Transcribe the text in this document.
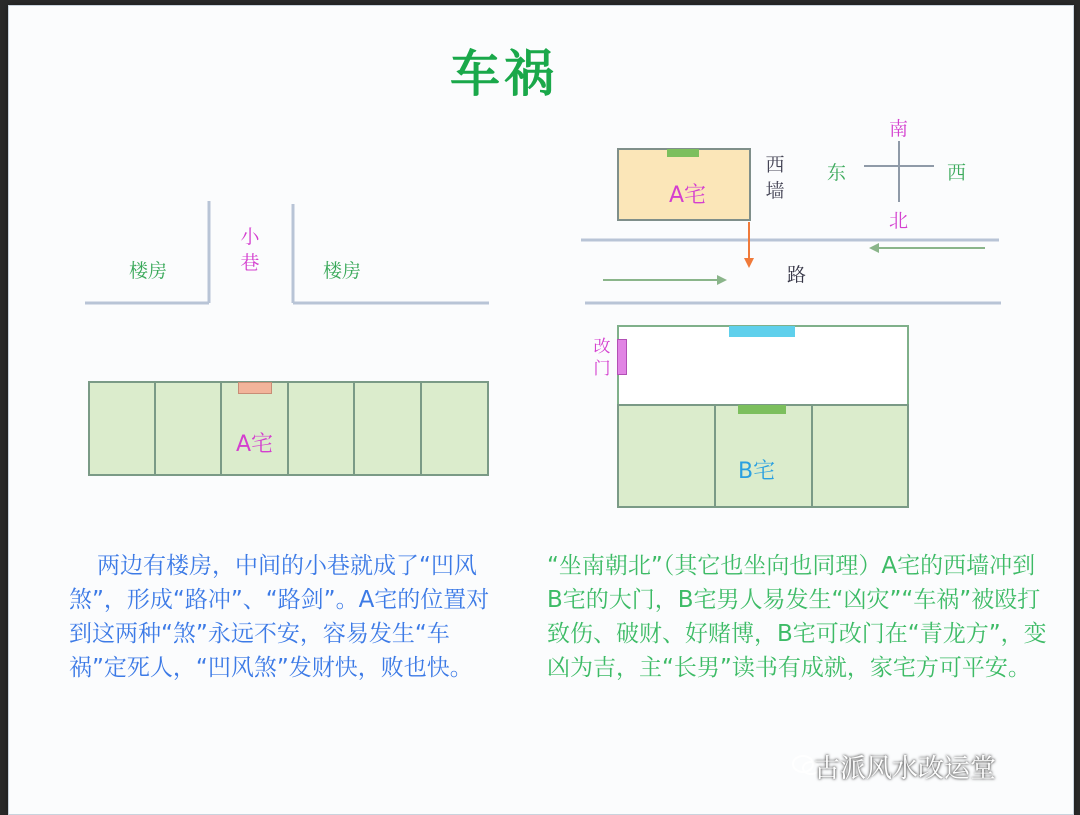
车祸
楼房
小巷	楼房
A宅
A宅
西墙
南
北
东	西
路
改门
B宅
两边有楼房，中间的小巷就成了“凹风煞”，形成“路冲”、“路剑”。A宅的位置对到这两种“煞”永远不安，容易发生“车祸”定死人，“凹风煞”发财快，败也快。
“坐南朝北”（其它也坐向也同理）A宅的西墙冲到B宅的大门，B宅男人易发生“凶灾”“车祸”被殴打致伤、破财、好赌博，B宅可改门在“青龙方”，变凶为吉，主“长男”读书有成就，家宅方可平安。
古派风水改运堂
